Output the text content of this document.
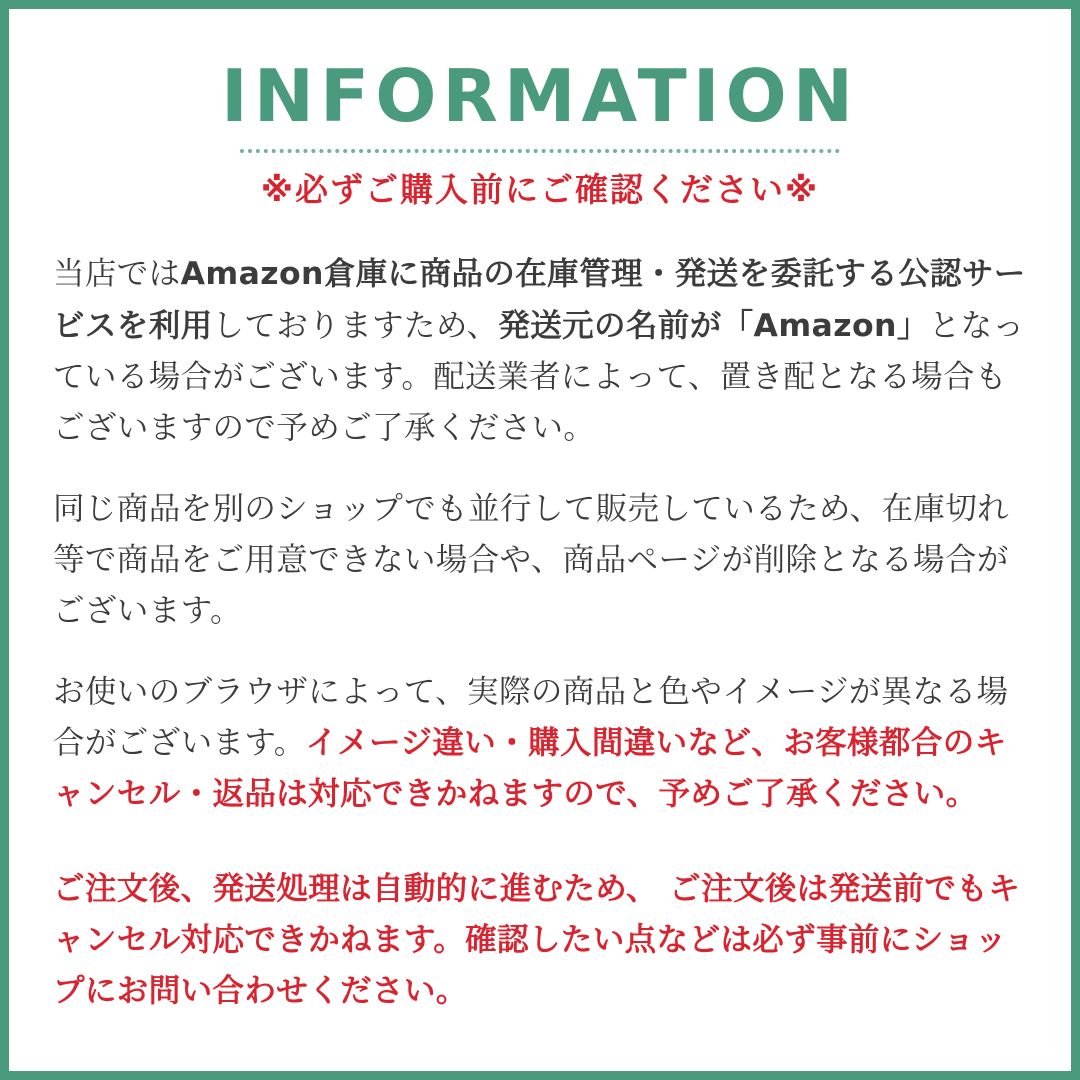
INFORMATION
※必ずご購入前にご確認ください※

当店ではAmazon倉庫に商品の在庫管理・発送を委託する公認サービスを利用しておりますため、発送元の名前が「Amazon」となっている場合がございます。配送業者によって、置き配となる場合もございますので予めご了承ください。

同じ商品を別のショップでも並行して販売しているため、在庫切れ等で商品をご用意できない場合や、商品ページが削除となる場合がございます。

お使いのブラウザによって、実際の商品と色やイメージが異なる場合がございます。イメージ違い・購入間違いなど、お客様都合のキャンセル・返品は対応できかねますので、予めご了承ください。

ご注文後、発送処理は自動的に進むため、 ご注文後は発送前でもキャンセル対応できかねます。確認したい点などは必ず事前にショップにお問い合わせください。
